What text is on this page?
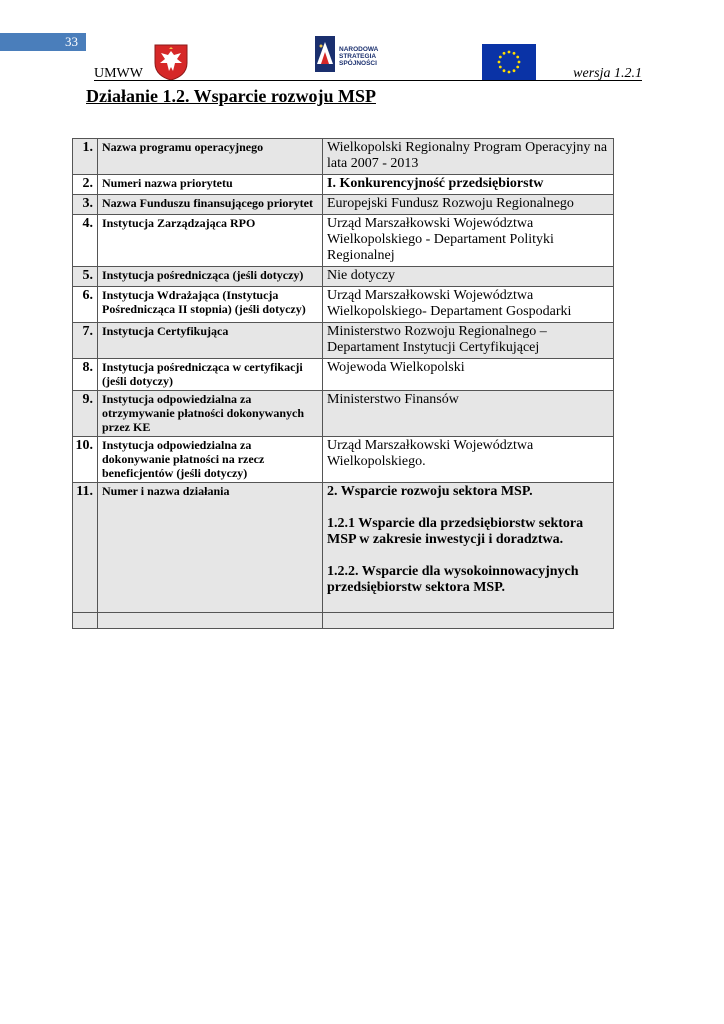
33
NARODOWA
STRATEGIA SPÓJNOŚCI
UMWW	wersja 1.2.1
Działanie 1.2. Wsparcie rozwoju MSP
1.	Nazwa programu operacyjnego	Wielkopolski Regionalny Program Operacyjny na lata 2007 - 2013
2.	Numeri nazwa priorytetu	I. Konkurencyjność przedsiębiorstw
3.	Nazwa Funduszu finansującego priorytet	Europejski Fundusz Rozwoju Regionalnego
4.	Instytucja Zarządzająca RPO	Urząd Marszałkowski Województwa Wielkopolskiego - Departament Polityki Regionalnej
5.	Instytucja pośrednicząca (jeśli dotyczy)	Nie dotyczy
6.	Instytucja Wdrażająca (Instytucja Pośrednicząca II stopnia) (jeśli dotyczy)	Urząd Marszałkowski Województwa Wielkopolskiego- Departament Gospodarki
7.	Instytucja Certyfikująca	Ministerstwo Rozwoju Regionalnego – Departament Instytucji Certyfikującej
8.	Instytucja pośrednicząca w certyfikacji (jeśli dotyczy)	Wojewoda Wielkopolski
9.	Instytucja odpowiedzialna za otrzymywanie płatności dokonywanych przez KE	Ministerstwo Finansów
10.	Instytucja odpowiedzialna za dokonywanie płatności na rzecz beneficjentów (jeśli dotyczy)	Urząd Marszałkowski Województwa Wielkopolskiego.
11.	Numer i nazwa działania	2. Wsparcie rozwoju sektora MSP.

1.2.1 Wsparcie dla przedsiębiorstw sektora MSP w zakresie inwestycji i doradztwa.

1.2.2. Wsparcie dla wysokoinnowacyjnych przedsiębiorstw sektora MSP.
